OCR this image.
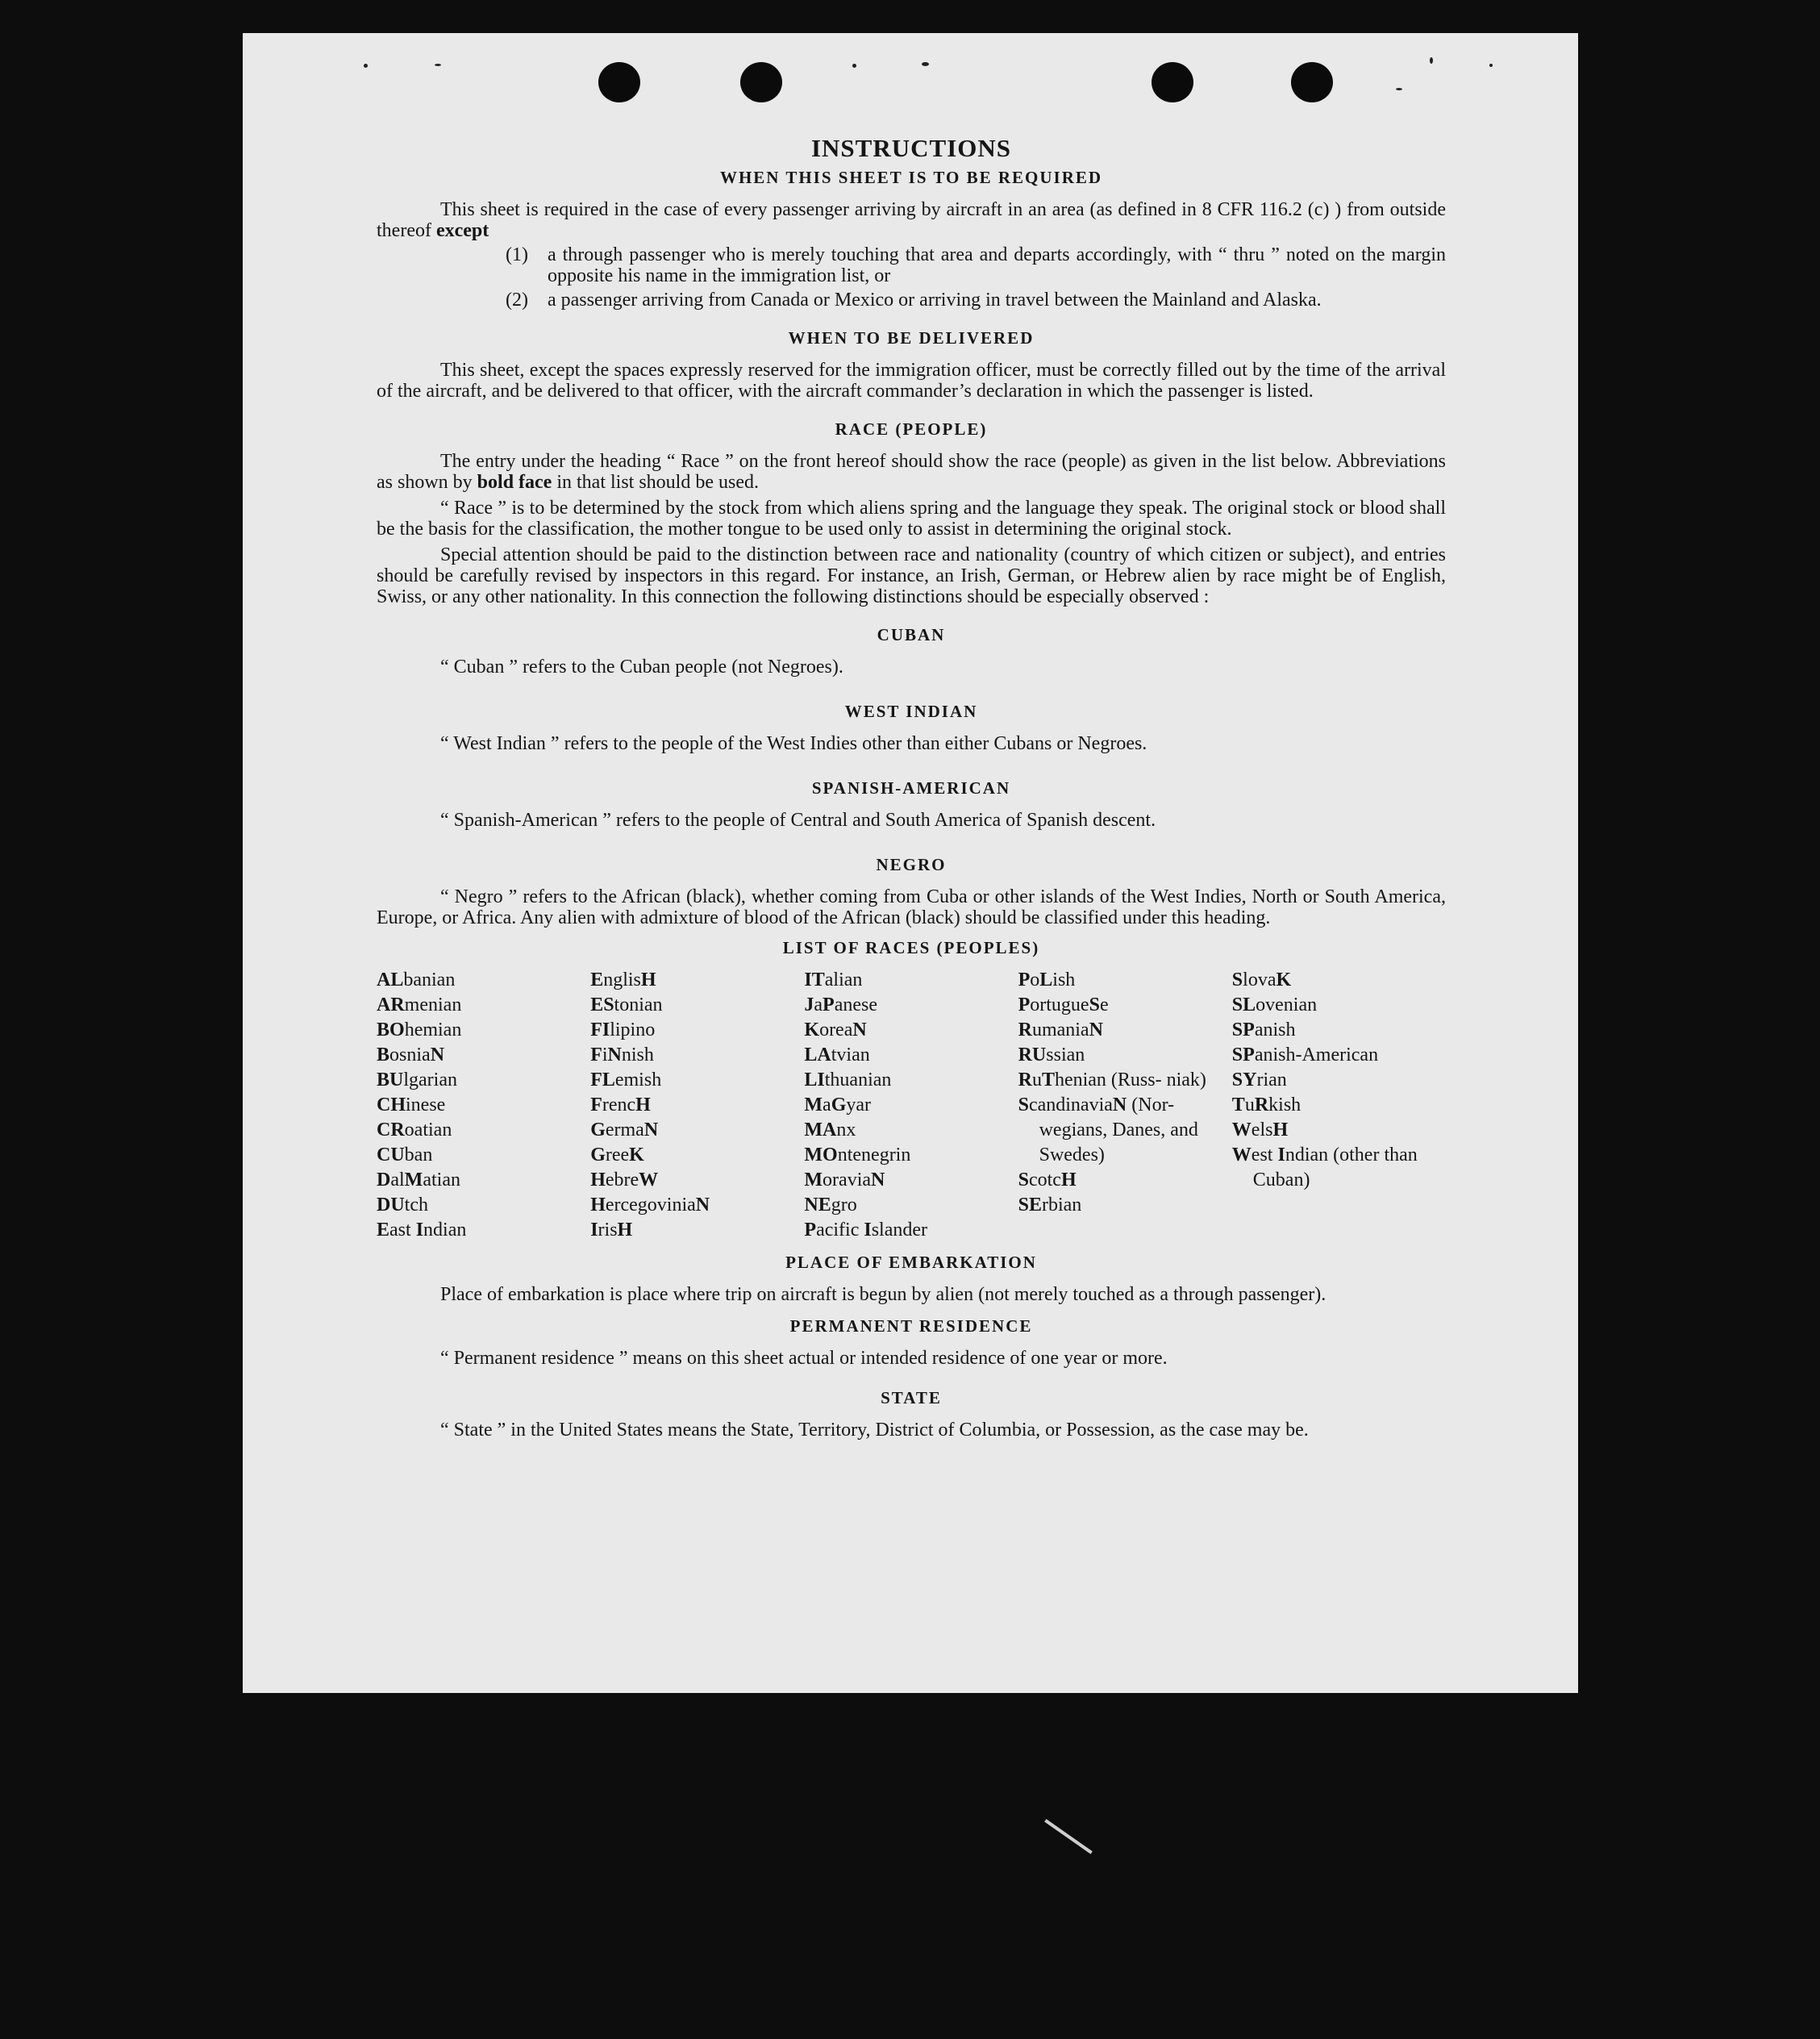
INSTRUCTIONS
WHEN THIS SHEET IS TO BE REQUIRED

This sheet is required in the case of every passenger arriving by aircraft in an area (as defined in 8 CFR 116.2 (c) ) from outside thereof except

(1)	a through passenger who is merely touching that area and departs accordingly, with “ thru ” noted on the margin opposite his name in the immigration list, or
(2)	a passenger arriving from Canada or Mexico or arriving in travel between the Mainland and Alaska.
WHEN TO BE DELIVERED

This sheet, except the spaces expressly reserved for the immigration officer, must be correctly filled out by the time of the arrival of the aircraft, and be delivered to that officer, with the aircraft commander’s declaration in which the passenger is listed.

RACE (PEOPLE)

The entry under the heading “ Race ” on the front hereof should show the race (people) as given in the list below. Abbreviations as shown by bold face in that list should be used.

“ Race ” is to be determined by the stock from which aliens spring and the language they speak. The original stock or blood shall be the basis for the classification, the mother tongue to be used only to assist in determining the original stock.

Special attention should be paid to the distinction between race and nationality (country of which citizen or subject), and entries should be carefully revised by inspectors in this regard. For instance, an Irish, German, or Hebrew alien by race might be of English, Swiss, or any other nationality. In this connection the following distinctions should be especially observed :

CUBAN

“ Cuban ” refers to the Cuban people (not Negroes).

WEST INDIAN

“ West Indian ” refers to the people of the West Indies other than either Cubans or Negroes.

SPANISH-AMERICAN

“ Spanish-American ” refers to the people of Central and South America of Spanish descent.

NEGRO

“ Negro ” refers to the African (black), whether coming from Cuba or other islands of the West Indies, North or South America, Europe, or Africa. Any alien with admixture of blood of the African (black) should be classified under this heading.

LIST OF RACES (PEOPLES)
ALbanian
ARmenian
BOhemian
BosniaN
BUlgarian
CHinese
CRoatian
CUban
DalMatian
DUtch
East Indian
EnglisH
EStonian
FIlipino
FiNnish
FLemish
FrencH
GermaN
GreeK
HebreW
HercegoviniaN
IrisH
ITalian
JaPanese
KoreaN
LAtvian
LIthuanian
MaGyar
MAnx
MOntenegrin
MoraviaN
NEgro
Pacific Islander
PoLish
PortugueSe
RumaniaN
RUssian
RuThenian (Russ- niak)
ScandinaviaN (Nor- wegians, Danes, and Swedes)
ScotcH
SErbian
SlovaK
SLovenian
SPanish
SPanish-American
SYrian
TuRkish
WelsH
West Indian (other than Cuban)
PLACE OF EMBARKATION

Place of embarkation is place where trip on aircraft is begun by alien (not merely touched as a through passenger).

PERMANENT RESIDENCE

“ Permanent residence ” means on this sheet actual or intended residence of one year or more.

STATE

“ State ” in the United States means the State, Territory, District of Columbia, or Possession, as the case may be.
